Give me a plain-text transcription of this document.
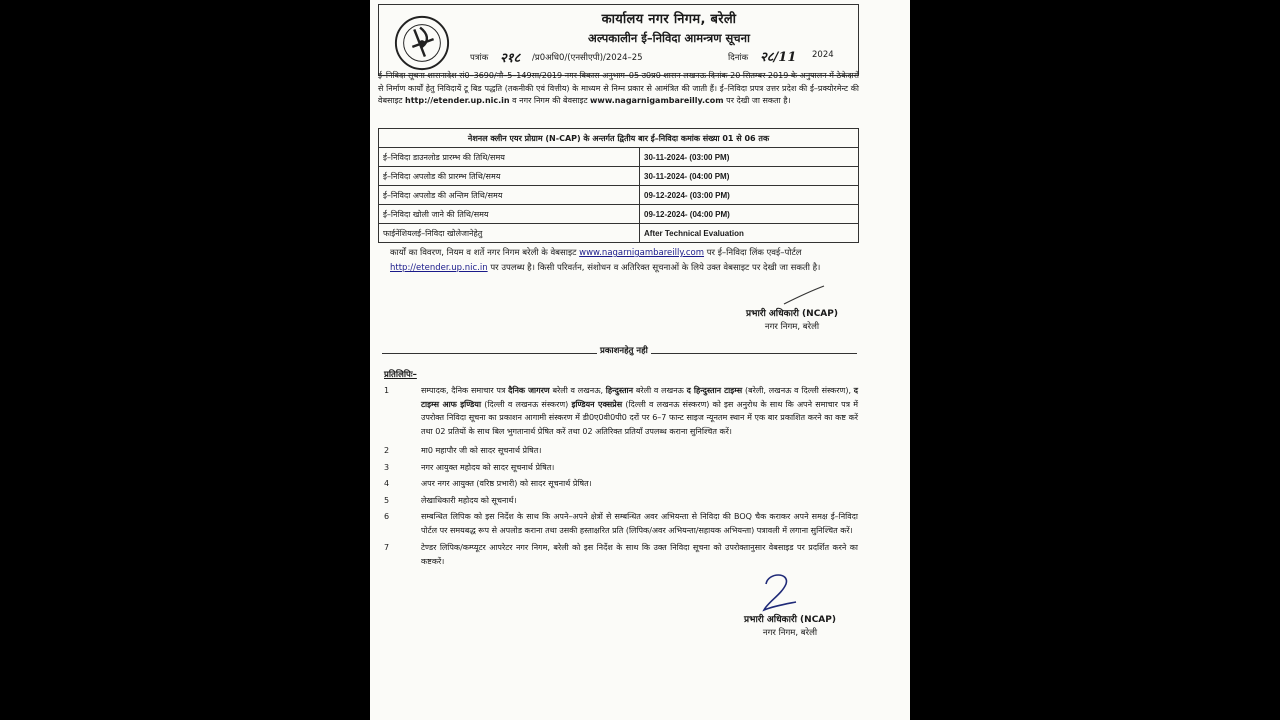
कार्यालय नगर निगम, बरेली
अल्पकालीन ई–निविदा आमन्त्रण सूचना
पत्रांक २१८ /प्र0अधि0/(एनसीएपी)/2024–25	दिनांक २८/11 2024
ई–निविदा सूचना शासनादेश सं0–3690/नौ–5–149सा/2019 नगर विकास अनुभाग–05 उ0प्र0 शासन लखनऊ दिनांक 20 सितम्बर 2019 के अनुपालन में ठेकेदारों से निर्माण कार्यों हेतु निविदायें टू बिड पद्धति (तकनीकी एवं वित्तीय) के माध्यम से निम्न प्रकार से आमंत्रित की जाती हैं। ई–निविदा प्रपत्र उत्तर प्रदेश की ई–प्रक्योरमेन्ट की वेबसाइट http://etender.up.nic.in व नगर निगम की बेवसाइट www.nagarnigambareilly.com पर देखी जा सकता है।
नेशनल क्लीन एयर प्रोग्राम (N-CAP) के अन्तर्गत द्वितीय बार ई–निविदा कमांक संख्या 01 से 06 तक	
ई–निविदा डाउनलोड प्रारम्भ की तिथि/समय	30-11-2024- (03:00 PM)
ई–निविदा अपलोड की प्रारम्भ तिथि/समय	30-11-2024- (04:00 PM)
ई–निविदा अपलोड की अन्तिम तिथि/समय	09-12-2024- (03:00 PM)
ई–निविदा खोली जाने की तिथि/समय	09-12-2024- (04:00 PM)
फाईनेंशियलई–निविदा खोलेजानेहेतु	After Technical Evaluation
कार्यों का विवरण, नियम व शर्ते नगर निगम बरेली के वेबसाइट www.nagarnigambareilly.com पर ई–निविदा लिंक एवई–पोर्टल http://etender.up.nic.in पर उपलब्ध है। किसी परिवर्तन, संशोधन व अतिरिक्त सूचनाओं के लिये उक्त वेबसाइट पर देखी जा सकती है।
प्रभारी अधिकारी (NCAP)
नगर निगम, बरेली
प्रकाशनहेतु नही
प्रतिलिपिः–
1	सम्पादक, दैनिक समाचार पत्र दैनिक जागरण बरेली व लखनऊ, हिन्दुस्तान बरेली व लखनऊ द हिन्दुस्तान टाइम्स (बरेली, लखनऊ व दिल्ली संस्करण), द टाइम्स आफ इण्डिया (दिल्ली व लखनऊ संस्करण) इण्डियन एक्सप्रेस (दिल्ली व लखनऊ संस्करण) को इस अनुरोध के साथ कि अपने समाचार पत्र में उपरोक्त निविदा सूचना का प्रकाशन आगामी संस्करण में डी0ए0वी0पी0 दरों पर 6–7 फान्ट साइज न्यूनतम स्थान में एक बार प्रकाशित करने का कष्ट करें तथा 02 प्रतियों के साथ बिल भुगतानार्थ प्रेषित करें तथा 02 अतिरिक्त प्रतियाँ उपलब्ध कराना सुनिश्चित करें।
2	मा0 महापौर जी को सादर सूचनार्थ प्रेषित।
3	नगर आयुक्त महोदय को सादर सूचनार्थ प्रेषित।
4	अपर नगर आयुक्त (वरिष्ठ प्रभारी) को सादर सूचनार्थ प्रेषित।
5	लेखाधिकारी महोदय को सूचनार्थ।
6	सम्बन्धित लिपिक को इस निर्देश के साथ कि अपने–अपने क्षेत्रों से सम्बन्धित अवर अभियन्ता से निविदा की BOQ चैक कराकर अपने समक्ष ई–निविदा पोर्टल पर समयबद्ध रूप से अपलोड कराना तथा उसकी हस्ताक्षरित प्रति (लिपिक/अवर अभियन्ता/सहायक अभियन्ता) पत्रावली में लगाना सुनिश्चित करें।
7	टेण्डर लिपिक/कम्प्यूटर आपरेटर नगर निगम, बरेली को इस निर्देश के साथ कि उक्त निविदा सूचना को उपरोक्तानुसार वेबसाइड पर प्रदर्शित करने का कष्टकरें।
प्रभारी अधिकारी (NCAP)
नगर निगम, बरेली
